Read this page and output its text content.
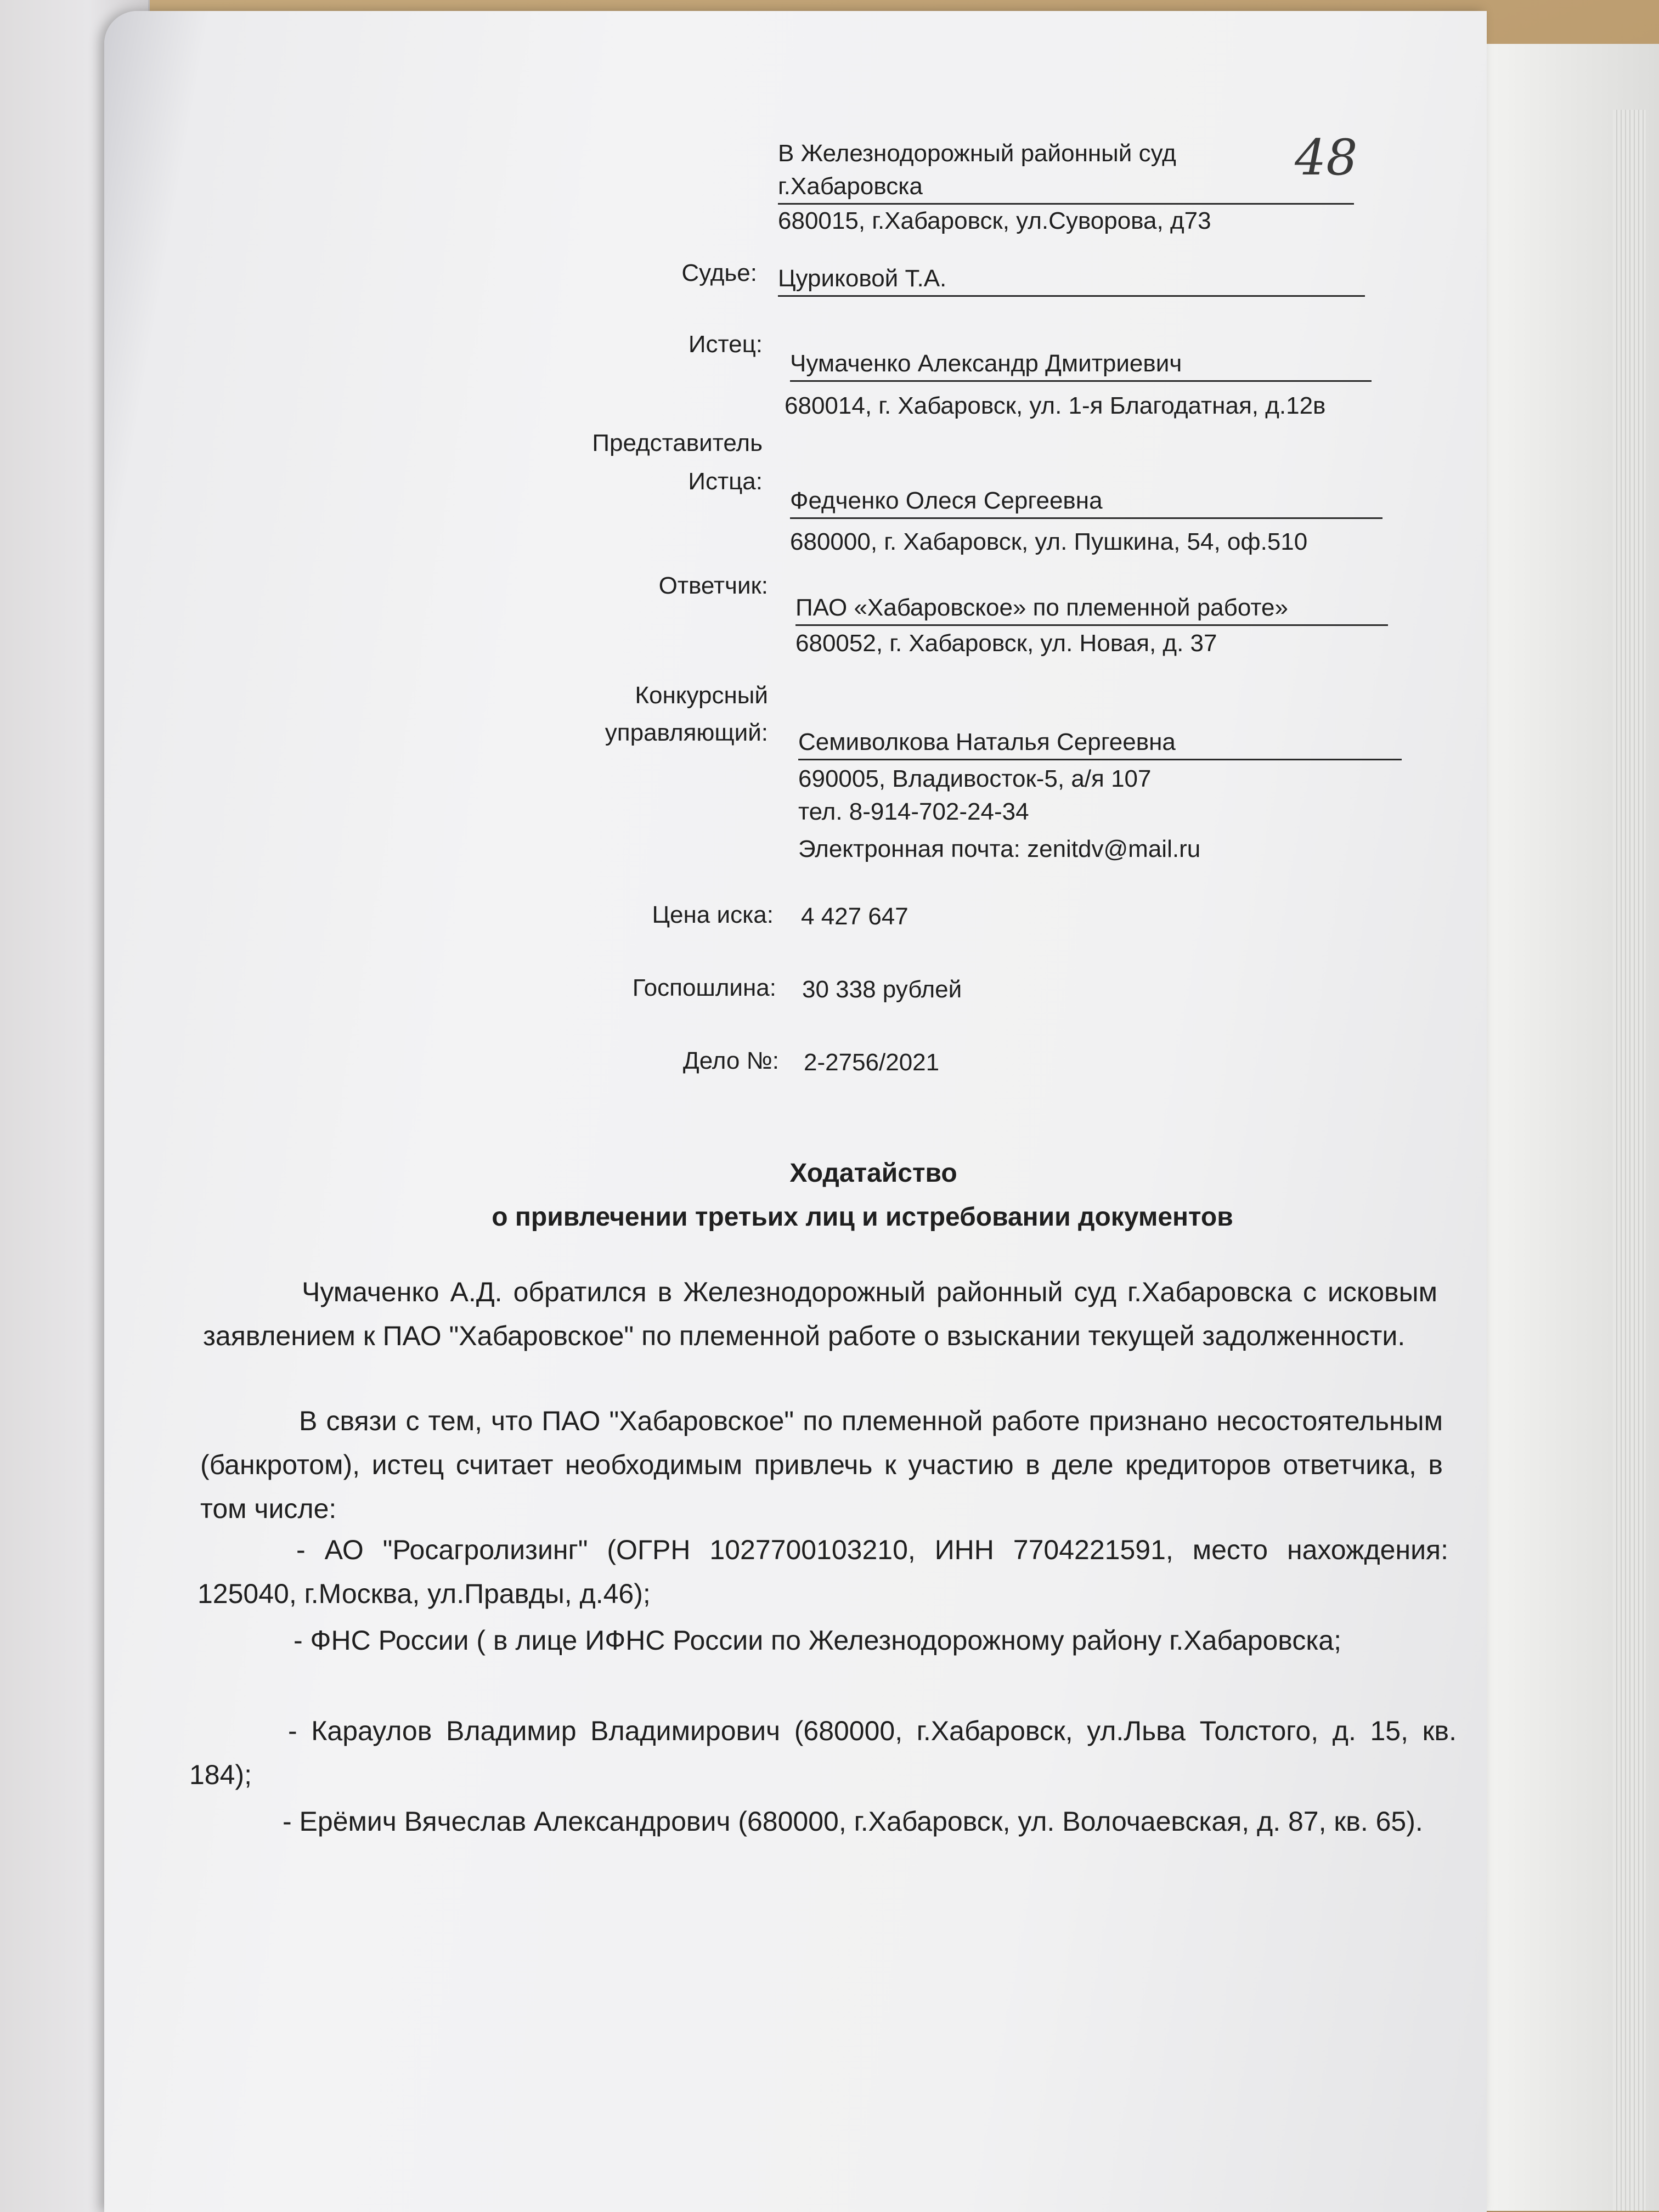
48
В Железнодорожный районный суд
г.Хабаровска
680015, г.Хабаровск, ул.Суворова, д73
Судье: Цуриковой Т.А.
Истец:
Чумаченко Александр Дмитриевич
680014, г. Хабаровск, ул. 1-я Благодатная, д.12в
Представитель
Истца:
Федченко Олеся Сергеевна
680000, г. Хабаровск, ул. Пушкина, 54, оф.510
Ответчик:
ПАО «Хабаровское» по племенной работе»
680052, г. Хабаровск, ул. Новая, д. 37
Конкурсный
управляющий: Семиволкова Наталья Сергеевна
690005, Владивосток-5, а/я 107
тел. 8-914-702-24-34
Электронная почта: zenitdv@mail.ru
Цена иска: 4 427 647
Госпошлина: 30 338 рублей
Дело №: 2-2756/2021
Ходатайство
о привлечении третьих лиц и истребовании документов
Чумаченко А.Д. обратился в Железнодорожный районный суд г.Хабаровска с исковым заявлением к ПАО "Хабаровское" по племенной работе о взыскании текущей задолженности.
В связи с тем, что ПАО "Хабаровское" по племенной работе признано несостоятельным (банкротом), истец считает необходимым привлечь к участию в деле кредиторов ответчика, в том числе:
- АО "Росагролизинг" (ОГРН 1027700103210, ИНН 7704221591, место нахождения: 125040, г.Москва, ул.Правды, д.46);
- ФНС России ( в лице ИФНС России по Железнодорожному району г.Хабаровска;
- Караулов Владимир Владимирович (680000, г.Хабаровск, ул.Льва Толстого, д. 15, кв. 184);
- Ерёмич Вячеслав Александрович (680000, г.Хабаровск, ул. Волочаевская, д. 87, кв. 65).
